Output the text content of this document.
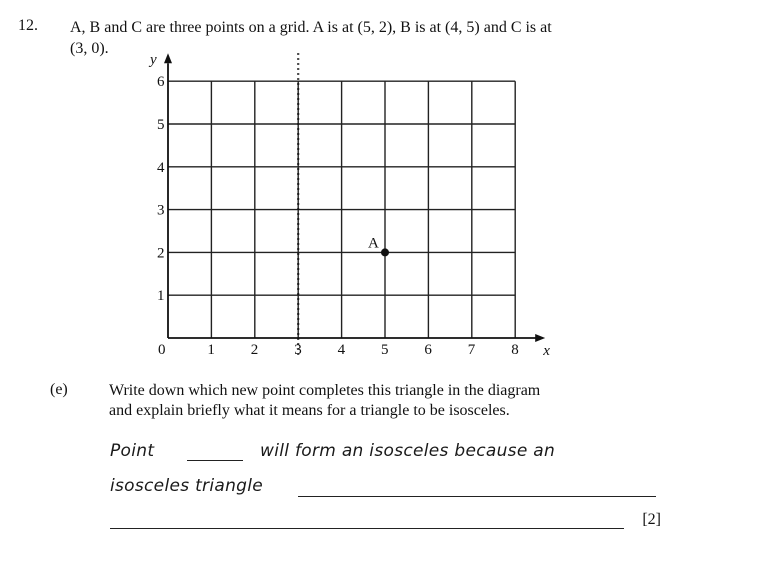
12. A, B and C are three points on a grid. A is at (5, 2), B is at (4, 5) and C is at
(3, 0).
x
y
0	1 2 3 4 5 6 7 8
1
2
3
4
5
6
A
(e)	Write down which new point completes this triangle in the diagram
and explain briefly what it means for a triangle to be isosceles.
Point	will form an isosceles because an
isosceles triangle
[2]
